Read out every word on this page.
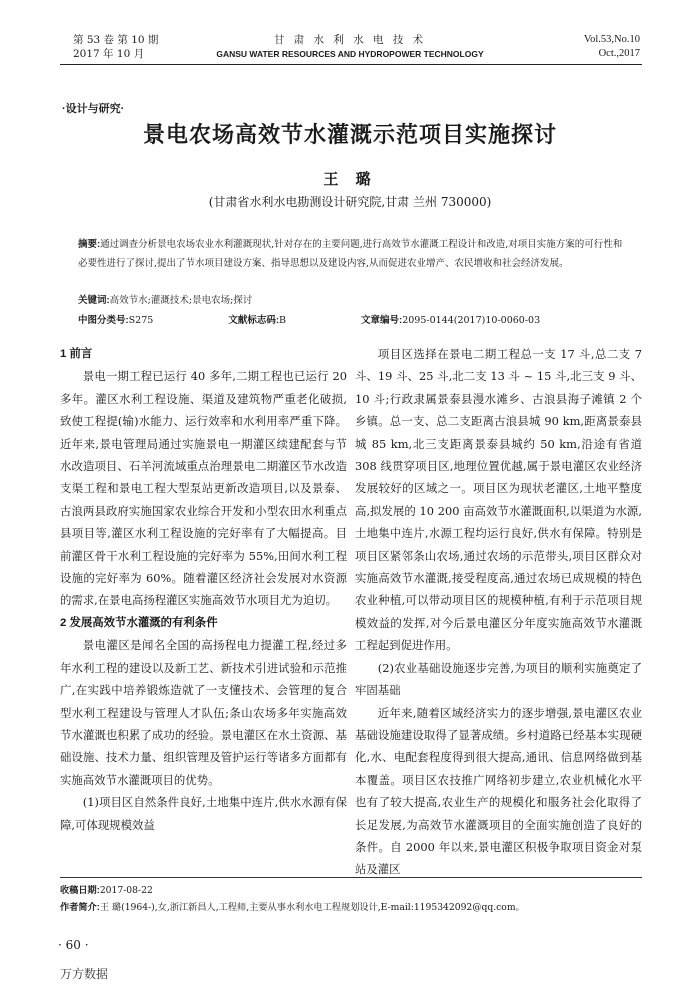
第 53 卷 第 10 期
2017 年 10 月
甘 肃 水 利 水 电 技 术
GANSU WATER RESOURCES AND HYDROPOWER TECHNOLOGY
Vol.53,No.10
Oct.,2017
·设计与研究·
景电农场高效节水灌溉示范项目实施探讨
王 璐
(甘肃省水利水电勘测设计研究院,甘肃 兰州 730000)
摘要:通过调查分析景电农场农业水利灌溉现状,针对存在的主要问题,进行高效节水灌溉工程设计和改造,对项目实施方案的可行性和必要性进行了探讨,提出了节水项目建设方案、指导思想以及建设内容,从而促进农业增产、农民增收和社会经济发展。
关键词:高效节水;灌溉技术;景电农场;探讨
中图分类号:S275	文献标志码:B	文章编号:2095-0144(2017)10-0060-03
1 前言

景电一期工程已运行 40 多年,二期工程也已运行 20 多年。灌区水利工程设施、渠道及建筑物严重老化破损,致使工程提(输)水能力、运行效率和水利用率严重下降。近年来,景电管理局通过实施景电一期灌区续建配套与节水改造项目、石羊河流域重点治理景电二期灌区节水改造支渠工程和景电工程大型泵站更新改造项目,以及景泰、古浪两县政府实施国家农业综合开发和小型农田水利重点县项目等,灌区水利工程设施的完好率有了大幅提高。目前灌区骨干水利工程设施的完好率为 55%,田间水利工程设施的完好率为 60%。随着灌区经济社会发展对水资源的需求,在景电高扬程灌区实施高效节水项目尤为迫切。

2 发展高效节水灌溉的有利条件

景电灌区是闻名全国的高扬程电力提灌工程,经过多年水利工程的建设以及新工艺、新技术引进试验和示范推广,在实践中培养锻炼造就了一支懂技术、会管理的复合型水利工程建设与管理人才队伍;条山农场多年实施高效节水灌溉也积累了成功的经验。景电灌区在水土资源、基础设施、技术力量、组织管理及管护运行等诸多方面都有实施高效节水灌溉项目的优势。

(1)项目区自然条件良好,土地集中连片,供水水源有保障,可体现规模效益

项目区选择在景电二期工程总一支 17 斗,总二支 7 斗、19 斗、25 斗,北二支 13 斗 ~ 15 斗,北三支 9 斗、10 斗;行政隶属景泰县漫水滩乡、古浪县海子滩镇 2 个乡镇。总一支、总二支距离古浪县城 90 km,距离景泰县城 85 km,北三支距离景泰县城约 50 km,沿途有省道 308 线贯穿项目区,地理位置优越,属于景电灌区农业经济发展较好的区域之一。项目区为现状老灌区,土地平整度高,拟发展的 10 200 亩高效节水灌溉面积,以渠道为水源,土地集中连片,水源工程均运行良好,供水有保障。特别是项目区紧邻条山农场,通过农场的示范带头,项目区群众对实施高效节水灌溉,接受程度高,通过农场已成规模的特色农业种植,可以带动项目区的规模种植,有利于示范项目规模效益的发挥,对今后景电灌区分年度实施高效节水灌溉工程起到促进作用。

(2)农业基础设施逐步完善,为项目的顺利实施奠定了牢固基础

近年来,随着区域经济实力的逐步增强,景电灌区农业基础设施建设取得了显著成绩。乡村道路已经基本实现硬化,水、电配套程度得到很大提高,通讯、信息网络做到基本覆盖。项目区农技推广网络初步建立,农业机械化水平也有了较大提高,农业生产的规模化和服务社会化取得了长足发展,为高效节水灌溉项目的全面实施创造了良好的条件。自 2000 年以来,景电灌区积极争取项目资金对泵站及灌区

收稿日期:2017-08-22
作者简介:王 璐(1964-),女,浙江新昌人,工程师,主要从事水利水电工程规划设计,E-mail:1195342092@qq.com。
· 60 ·
万方数据
